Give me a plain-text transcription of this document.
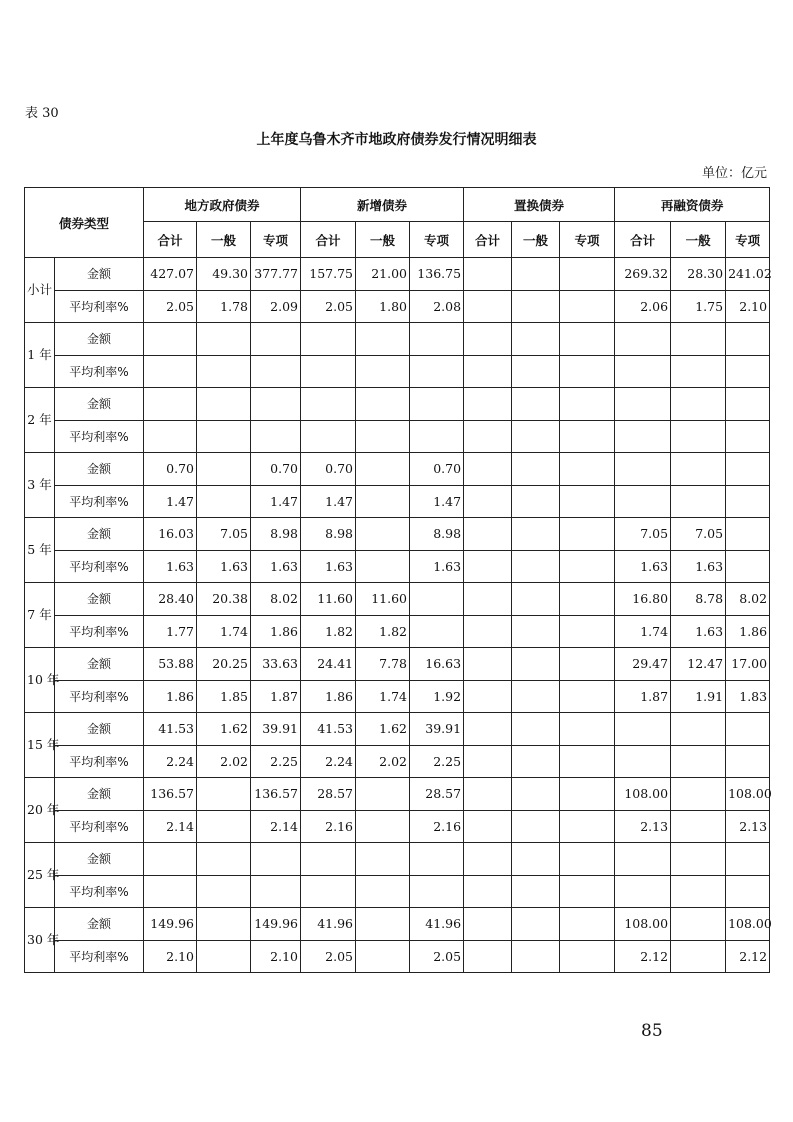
表 30
上年度乌鲁木齐市地政府债券发行情况明细表
单位：亿元
债券类型		地方政府债券			新增债券			置换债券			再融资债券		
		合计	一般	专项	合计	一般	专项	合计	一般	专项	合计	一般	专项
小计	金额	427.07	49.30	377.77	157.75	21.00	136.75				269.32	28.30	241.02
	平均利率%	2.05	1.78	2.09	2.05	1.80	2.08				2.06	1.75	2.10
1 年	金额												
	平均利率%												
2 年	金额												
	平均利率%												
3 年	金额	0.70		0.70	0.70		0.70						
	平均利率%	1.47		1.47	1.47		1.47						
5 年	金额	16.03	7.05	8.98	8.98		8.98				7.05	7.05	
	平均利率%	1.63	1.63	1.63	1.63		1.63				1.63	1.63	
7 年	金额	28.40	20.38	8.02	11.60	11.60					16.80	8.78	8.02
	平均利率%	1.77	1.74	1.86	1.82	1.82					1.74	1.63	1.86
10 年	金额	53.88	20.25	33.63	24.41	7.78	16.63				29.47	12.47	17.00
	平均利率%	1.86	1.85	1.87	1.86	1.74	1.92				1.87	1.91	1.83
15 年	金额	41.53	1.62	39.91	41.53	1.62	39.91						
	平均利率%	2.24	2.02	2.25	2.24	2.02	2.25						
20 年	金额	136.57		136.57	28.57		28.57				108.00		108.00
	平均利率%	2.14		2.14	2.16		2.16				2.13		2.13
25 年	金额												
	平均利率%												
30 年	金额	149.96		149.96	41.96		41.96				108.00		108.00
	平均利率%	2.10		2.10	2.05		2.05				2.12		2.12
85
